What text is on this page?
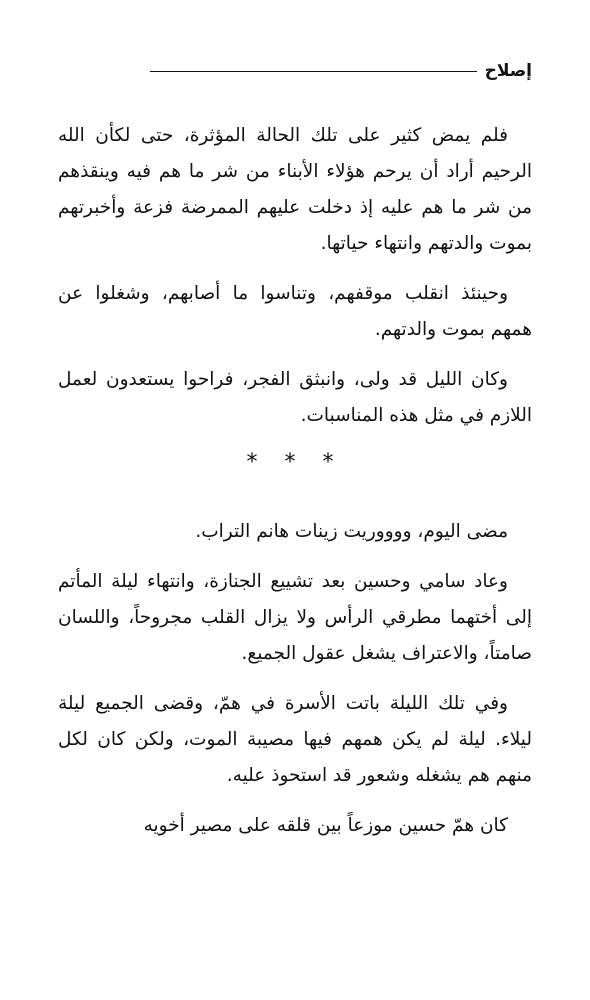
إصلاح

فلم يمض كثير على تلك الحالة المؤثرة، حتى لكأن الله الرحيم أراد أن يرحم هؤلاء الأبناء من شر ما هم فيه وينقذهم من شر ما هم عليه إذ دخلت عليهم الممرضة فزعة وأخبرتهم بموت والدتهم وانتهاء حياتها.

وحينئذ انقلب موقفهم، وتناسوا ما أصابهم، وشغلوا عن همهم بموت والدتهم.

وكان الليل قد ولى، وانبثق الفجر، فراحوا يستعدون لعمل اللازم في مثل هذه المناسبات.

* * *

مضى اليوم، ووووريت زينات هانم التراب.

وعاد سامي وحسين بعد تشييع الجنازة، وانتهاء ليلة المأتم إلى أختهما مطرقي الرأس ولا يزال القلب مجروحاً، واللسان صامتاً، والاعتراف يشغل عقول الجميع.

وفي تلك الليلة باتت الأسرة في همّ، وقضى الجميع ليلة ليلاء. ليلة لم يكن همهم فيها مصيبة الموت، ولكن كان لكل منهم هم يشغله وشعور قد استحوذ عليه.

كان همّ حسين موزعاً بين قلقه على مصير أخويه
